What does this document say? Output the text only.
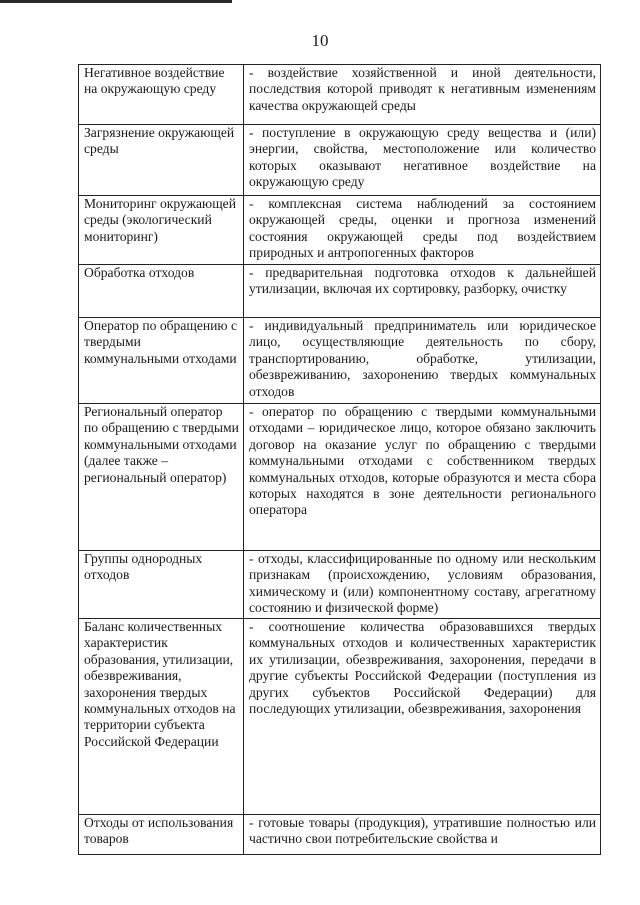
10
Негативное воздействие на окружающую среду	- воздействие хозяйственной и иной деятельности, последствия которой приводят к негативным изменениям качества окружающей среды
Загрязнение окружающей среды	- поступление в окружающую среду вещества и (или) энергии, свойства, местоположение или количество которых оказывают негативное воздействие на окружающую среду
Мониторинг окружающей среды (экологический мониторинг)	- комплексная система наблюдений за состоянием окружающей среды, оценки и прогноза изменений состояния окружающей среды под воздействием природных и антропогенных факторов
Обработка отходов	- предварительная подготовка отходов к дальнейшей утилизации, включая их сортировку, разборку, очистку
Оператор по обращению с твердыми коммунальными отходами	- индивидуальный предприниматель или юридическое лицо, осуществляющие деятельность по сбору, транспортированию, обработке, утилизации, обезвреживанию, захоронению твердых коммунальных отходов
Региональный оператор по обращению с твердыми коммунальными отходами (далее также – региональный оператор)	- оператор по обращению с твердыми коммунальными отходами – юридическое лицо, которое обязано заключить договор на оказание услуг по обращению с твердыми коммунальными отходами с собственником твердых коммунальных отходов, которые образуются и места сбора которых находятся в зоне деятельности регионального оператора
Группы однородных отходов	- отходы, классифицированные по одному или нескольким признакам (происхождению, условиям образования, химическому и (или) компонентному составу, агрегатному состоянию и физической форме)
Баланс количественных характеристик образования, утилизации, обезвреживания, захоронения твердых коммунальных отходов на территории субъекта Российской Федерации	- соотношение количества образовавшихся твердых коммунальных отходов и количественных характеристик их утилизации, обезвреживания, захоронения, передачи в другие субъекты Российской Федерации (поступления из других субъектов Российской Федерации) для последующих утилизации, обезвреживания, захоронения
Отходы от использования товаров	- готовые товары (продукция), утратившие полностью или частично свои потребительские свойства и
